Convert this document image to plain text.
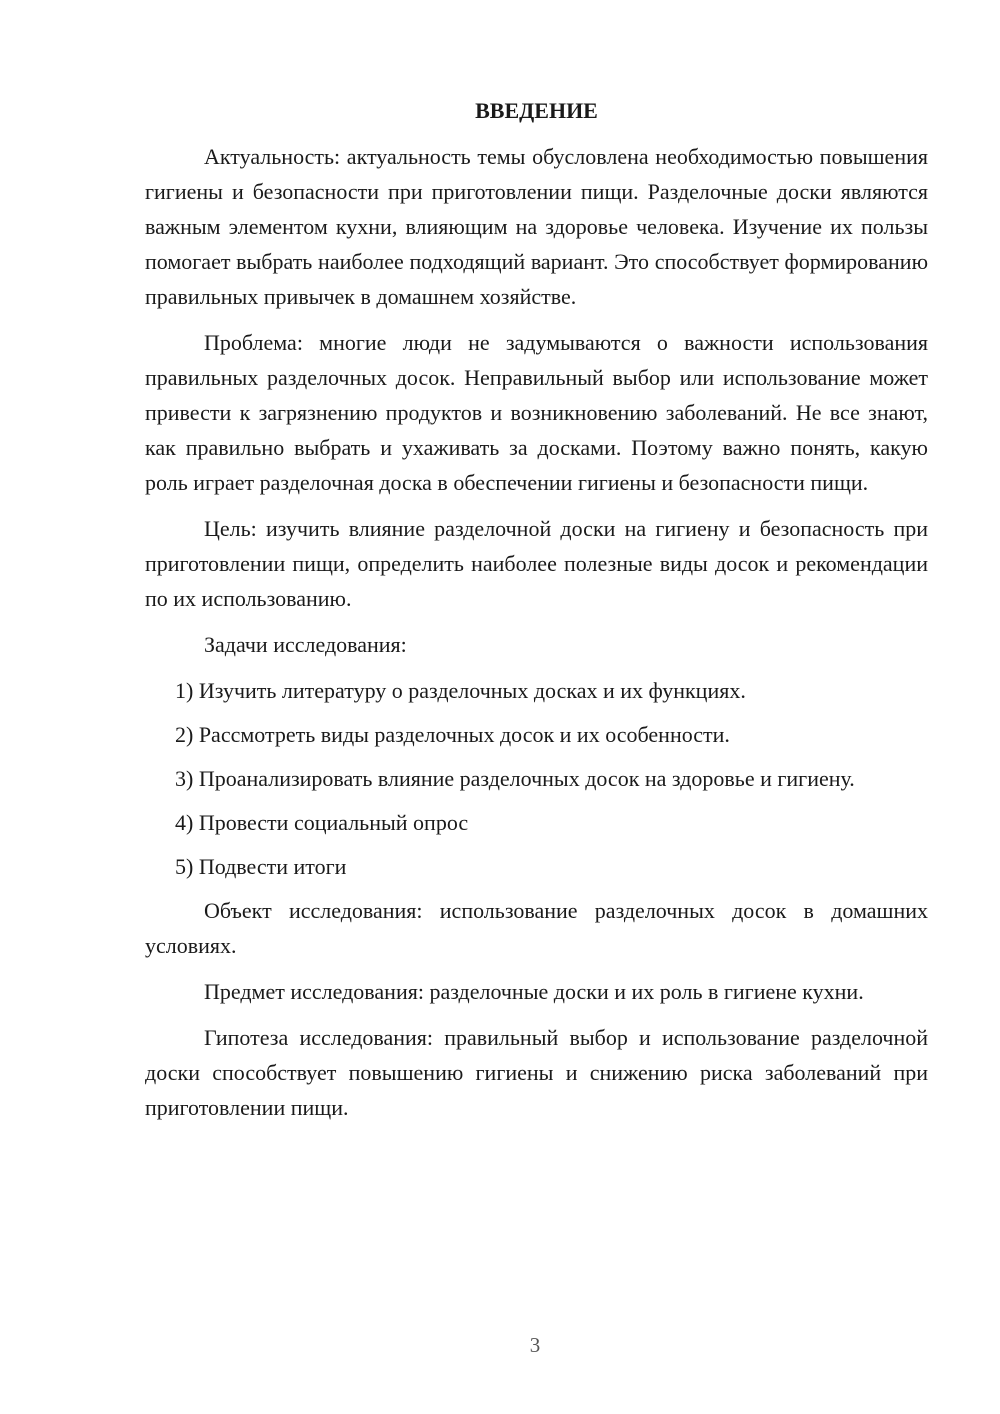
ВВЕДЕНИЕ

Актуальность: актуальность темы обусловлена необходимостью повышения гигиены и безопасности при приготовлении пищи. Разделочные доски являются важным элементом кухни, влияющим на здоровье человека. Изучение их пользы помогает выбрать наиболее подходящий вариант. Это способствует формированию правильных привычек в домашнем хозяйстве.

Проблема: многие люди не задумываются о важности использования правильных разделочных досок. Неправильный выбор или использование может привести к загрязнению продуктов и возникновению заболеваний. Не все знают, как правильно выбрать и ухаживать за досками. Поэтому важно понять, какую роль играет разделочная доска в обеспечении гигиены и безопасности пищи.

Цель: изучить влияние разделочной доски на гигиену и безопасность при приготовлении пищи, определить наиболее полезные виды досок и рекомендации по их использованию.

Задачи исследования:

1) Изучить литературу о разделочных досках и их функциях.

2) Рассмотреть виды разделочных досок и их особенности.

3) Проанализировать влияние разделочных досок на здоровье и гигиену.

4) Провести социальный опрос

5) Подвести итоги

Объект исследования: использование разделочных досок в домашних условиях.

Предмет исследования: разделочные доски и их роль в гигиене кухни.

Гипотеза исследования: правильный выбор и использование разделочной доски способствует повышению гигиены и снижению риска заболеваний при приготовлении пищи.

3
